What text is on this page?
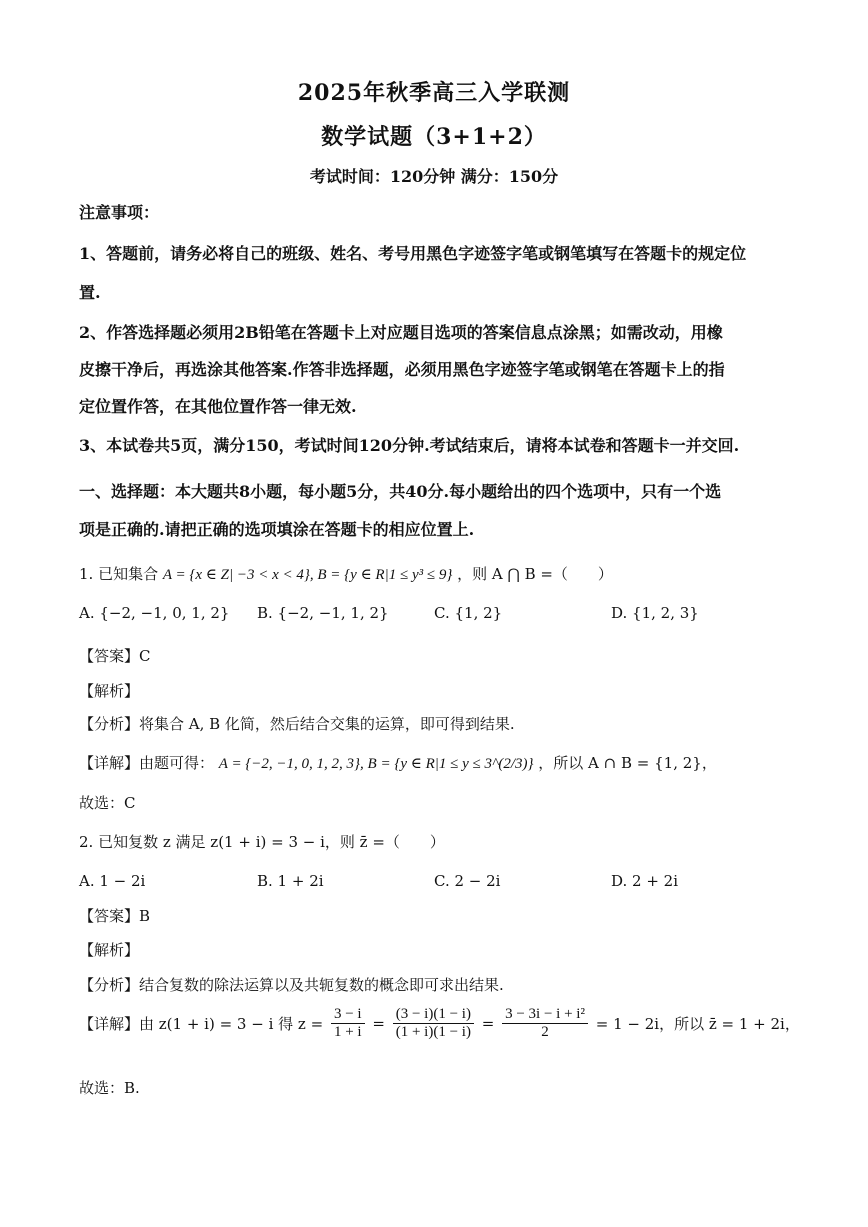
2025年秋季高三入学联测
数学试题（3+1+2）
考试时间：120分钟 满分：150分
注意事项：
1、答题前，请务必将自己的班级、姓名、考号用黑色字迹签字笔或钢笔填写在答题卡的规定位
置.
2、作答选择题必须用2B铅笔在答题卡上对应题目选项的答案信息点涂黑；如需改动，用橡
皮擦干净后，再选涂其他答案.作答非选择题，必须用黑色字迹签字笔或钢笔在答题卡上的指
定位置作答，在其他位置作答一律无效.
3、本试卷共5页，满分150，考试时间120分钟.考试结束后，请将本试卷和答题卡一并交回.
一、选择题：本大题共8小题，每小题5分，共40分.每小题给出的四个选项中，只有一个选
项是正确的.请把正确的选项填涂在答题卡的相应位置上.
1. 已知集合 A = {x ∈ Z| −3 < x < 4}, B = {y ∈ R|1 ≤ y³ ≤ 9} ，则 A ⋂ B =（　　）
A. {−2, −1, 0, 1, 2} B. {−2, −1, 1, 2}	C. {1, 2}	D. {1, 2, 3}
【答案】C
【解析】
【分析】将集合 A, B 化简，然后结合交集的运算，即可得到结果.
【详解】由题可得： A = {−2, −1, 0, 1, 2, 3}, B = {y ∈ R|1 ≤ y ≤ 3^(2/3)} ，所以 A ∩ B = {1, 2}，
故选：C
2. 已知复数 z 满足 z(1 + i) = 3 − i，则 z̄ =（　　）
A. 1 − 2i	B. 1 + 2i	C. 2 − 2i	D. 2 + 2i
【答案】B
【解析】
【分析】结合复数的除法运算以及共轭复数的概念即可求出结果.
【详解】由 z(1 + i) = 3 − i 得 $z = \frac{3 - i}{1 + i} = \frac{(3 - i)(1 - i)}{(1 + i)(1 - i)} = \frac{\text{3 − 3i − i + i²}}{2} = 1 - 2i$，所以 z̄ = 1 + 2i，
故选：B.
